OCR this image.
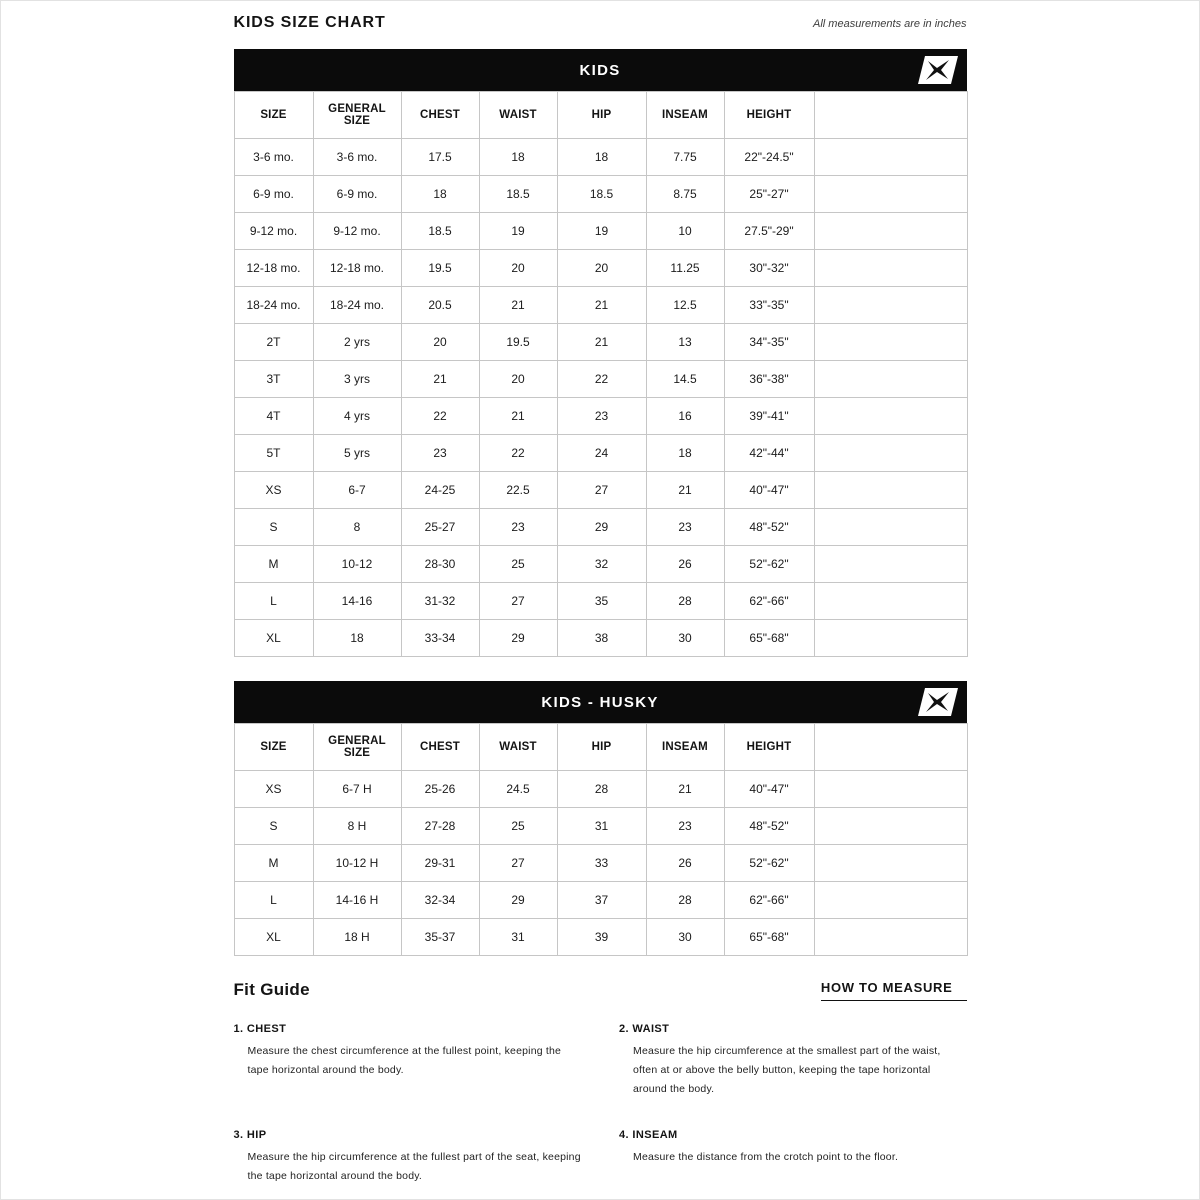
KIDS SIZE CHART	All measurements are in inches
KIDS
SIZE	GENERAL SIZE	CHEST	WAIST	HIP	INSEAM	HEIGHT	
3-6 mo.	3-6 mo.	17.5	18	18	7.75	22"-24.5"	
6-9 mo.	6-9 mo.	18	18.5	18.5	8.75	25"-27"	
9-12 mo.	9-12 mo.	18.5	19	19	10	27.5"-29"	
12-18 mo.	12-18 mo.	19.5	20	20	11.25	30"-32"	
18-24 mo.	18-24 mo.	20.5	21	21	12.5	33"-35"	
2T	2 yrs	20	19.5	21	13	34"-35"	
3T	3 yrs	21	20	22	14.5	36"-38"	
4T	4 yrs	22	21	23	16	39"-41"	
5T	5 yrs	23	22	24	18	42"-44"	
XS	6-7	24-25	22.5	27	21	40"-47"	
S	8	25-27	23	29	23	48"-52"	
M	10-12	28-30	25	32	26	52"-62"	
L	14-16	31-32	27	35	28	62"-66"	
XL	18	33-34	29	38	30	65"-68"	
KIDS - HUSKY
SIZE	GENERAL SIZE	CHEST	WAIST	HIP	INSEAM	HEIGHT	
XS	6-7 H	25-26	24.5	28	21	40"-47"	
S	8 H	27-28	25	31	23	48"-52"	
M	10-12 H	29-31	27	33	26	52"-62"	
L	14-16 H	32-34	29	37	28	62"-66"	
XL	18 H	35-37	31	39	30	65"-68"	
Fit Guide	HOW TO MEASURE
1. CHEST
Measure the chest circumference at the fullest point, keeping the tape horizontal around the body.
2. WAIST
Measure the hip circumference at the smallest part of the waist, often at or above the belly button, keeping the tape horizontal around the body.
3. HIP
Measure the hip circumference at the fullest part of the seat, keeping the tape horizontal around the body.
4. INSEAM
Measure the distance from the crotch point to the floor.
